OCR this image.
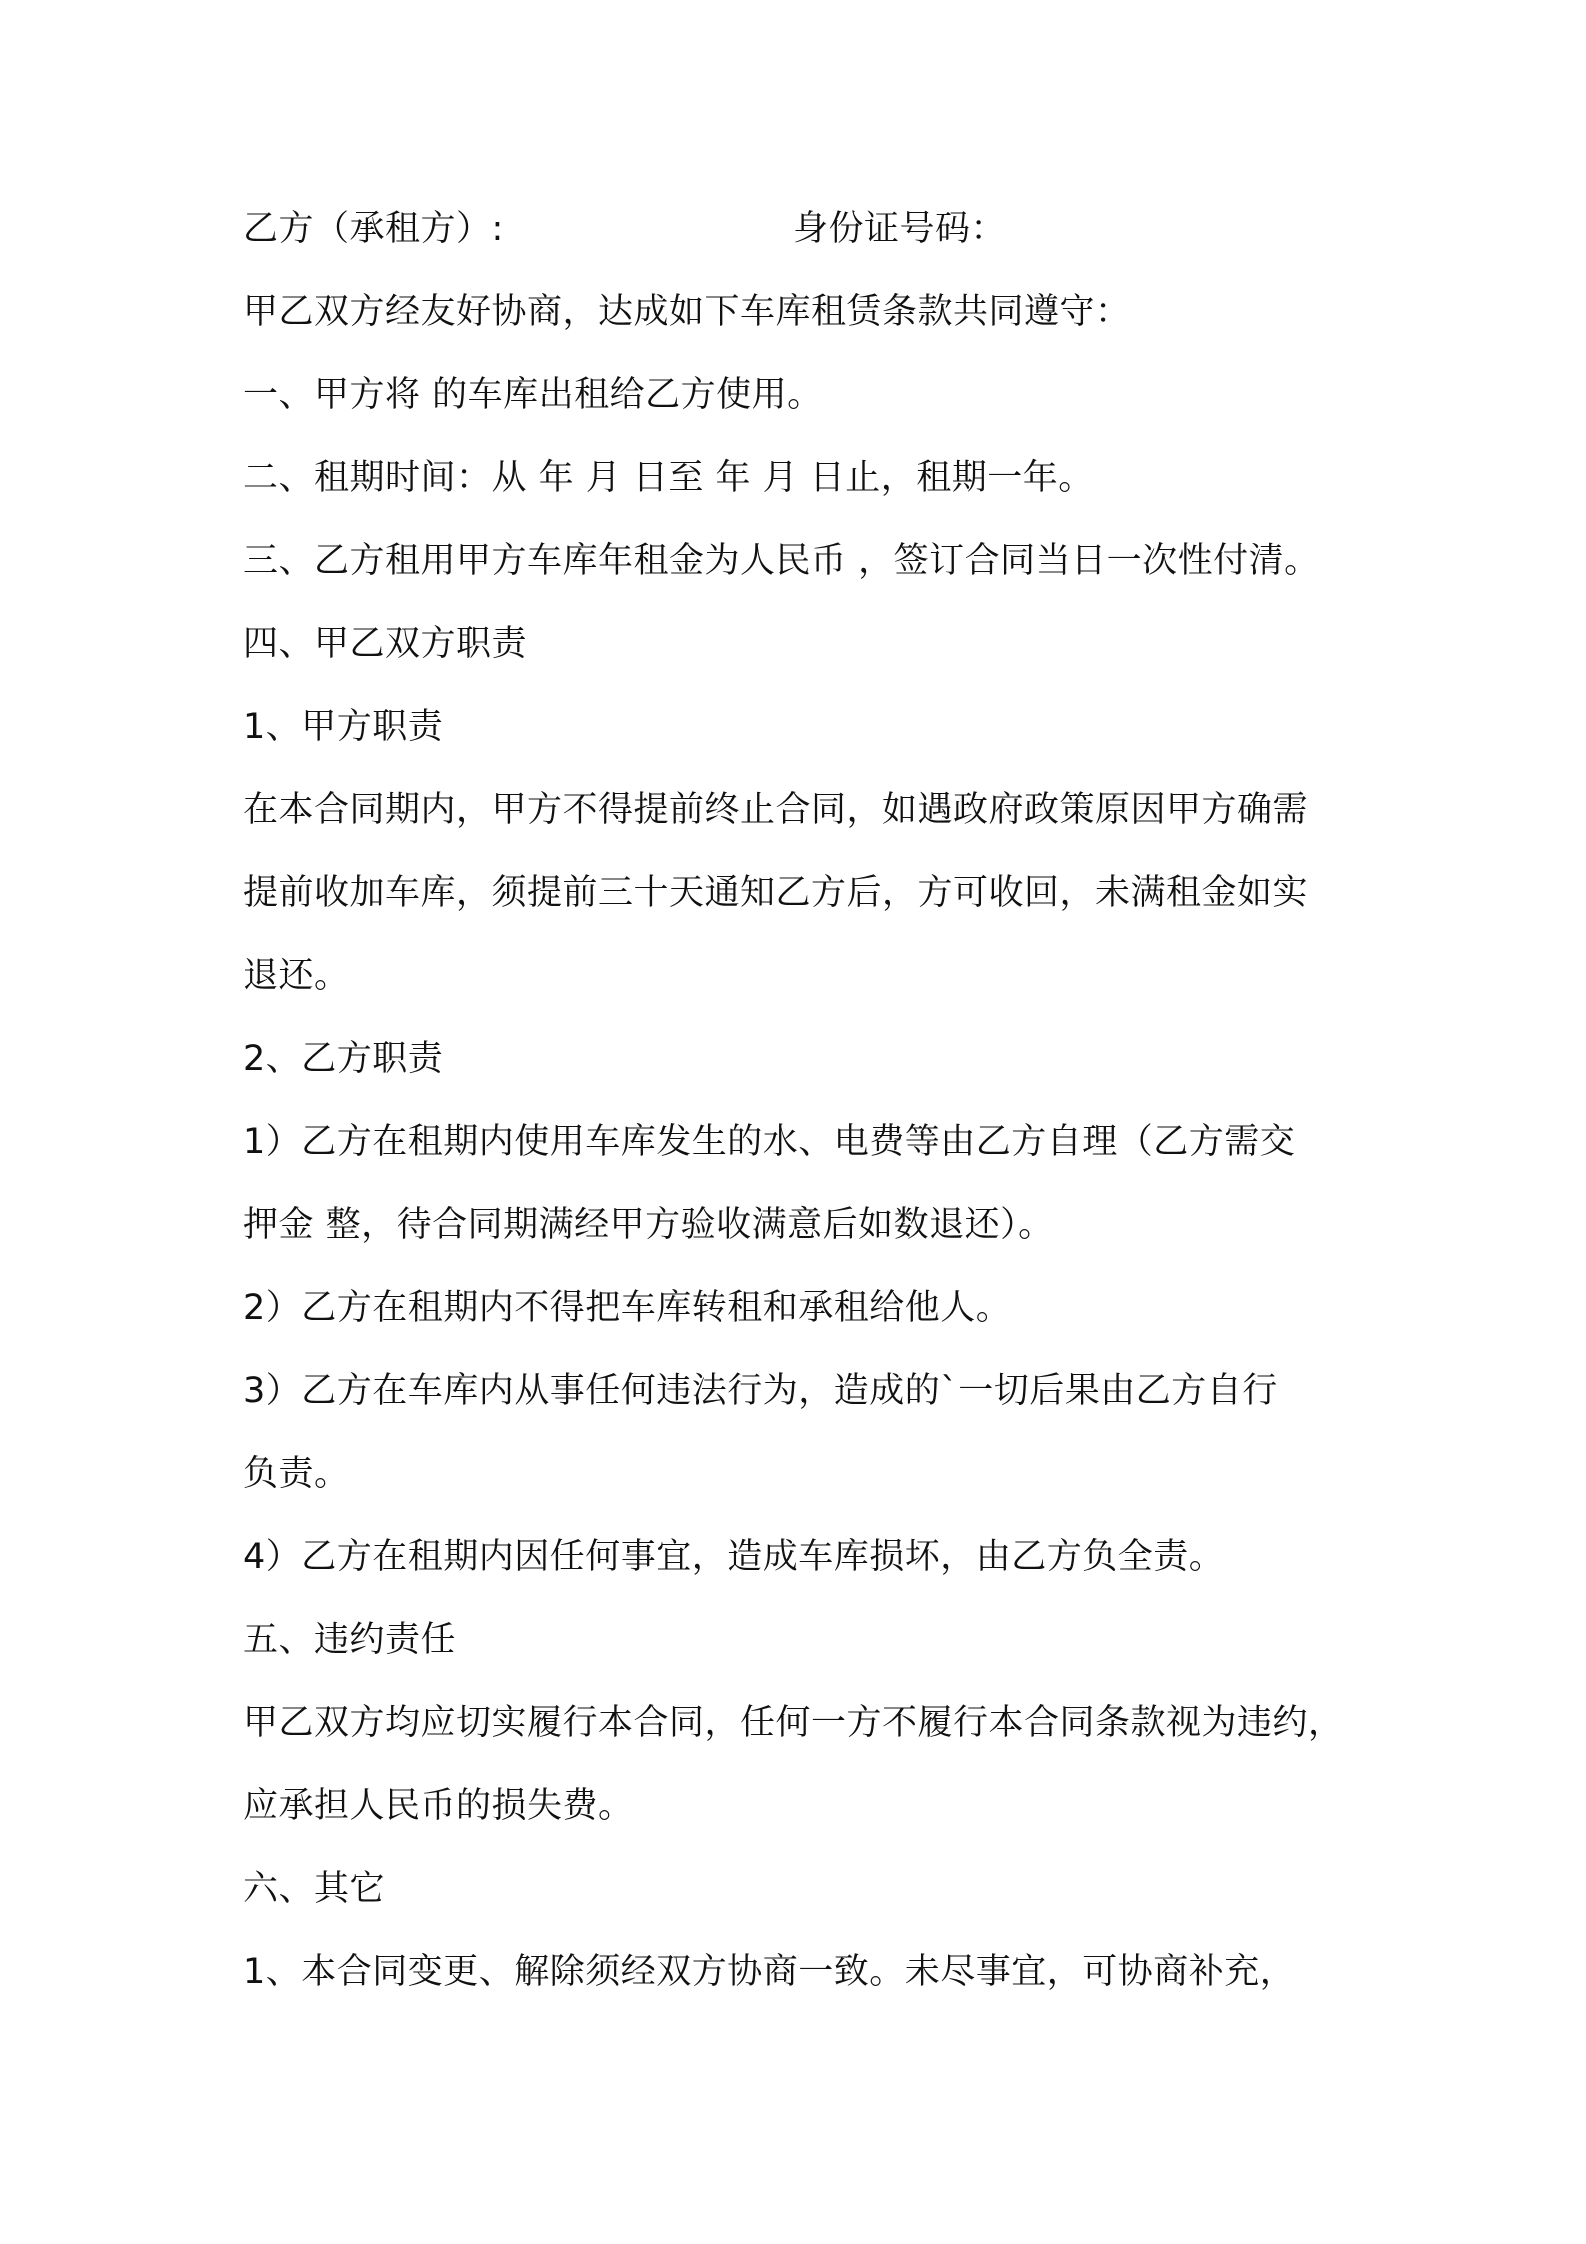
乙方（承租方）:	身份证号码：

甲乙双方经友好协商，达成如下车库租赁条款共同遵守：

一、甲方将 的车库出租给乙方使用。

二、租期时间：从 年 月 日至 年 月 日止，租期一年。

三、乙方租用甲方车库年租金为人民币 ，签订合同当日一次性付清。

四、甲乙双方职责

1、甲方职责

在本合同期内，甲方不得提前终止合同，如遇政府政策原因甲方确需

提前收加车库，须提前三十天通知乙方后，方可收回，未满租金如实

退还。

2、乙方职责

1）乙方在租期内使用车库发生的水、电费等由乙方自理（乙方需交

押金 整，待合同期满经甲方验收满意后如数退还）。

2）乙方在租期内不得把车库转租和承租给他人。

3）乙方在车库内从事任何违法行为，造成的`一切后果由乙方自行

负责。

4）乙方在租期内因任何事宜，造成车库损坏，由乙方负全责。

五、违约责任

甲乙双方均应切实履行本合同，任何一方不履行本合同条款视为违约，

应承担人民币的损失费。

六、其它

1、本合同变更、解除须经双方协商一致。未尽事宜，可协商补充，
